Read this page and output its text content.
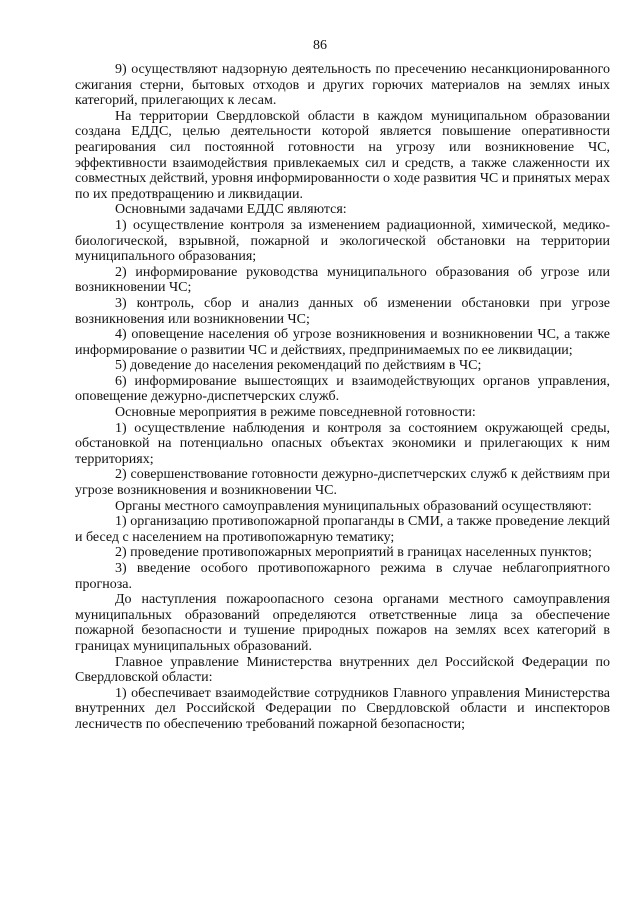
86

9) осуществляют надзорную деятельность по пресечению несанкционированного сжигания стерни, бытовых отходов и других горючих материалов на землях иных категорий, прилегающих к лесам.

На территории Свердловской области в каждом муниципальном образовании создана ЕДДС, целью деятельности которой является повышение оперативности реагирования сил постоянной готовности на угрозу или возникновение ЧС, эффективности взаимодействия привлекаемых сил и средств, а также слаженности их совместных действий, уровня информированности о ходе развития ЧС и принятых мерах по их предотвращению и ликвидации.

Основными задачами ЕДДС являются:

1) осуществление контроля за изменением радиационной, химической, медико-биологической, взрывной, пожарной и экологической обстановки на территории муниципального образования;

2) информирование руководства муниципального образования об угрозе или возникновении ЧС;

3) контроль, сбор и анализ данных об изменении обстановки при угрозе возникновения или возникновении ЧС;

4) оповещение населения об угрозе возникновения и возникновении ЧС, а также информирование о развитии ЧС и действиях, предпринимаемых по ее ликвидации;

5) доведение до населения рекомендаций по действиям в ЧС;

6) информирование вышестоящих и взаимодействующих органов управления, оповещение дежурно-диспетчерских служб.

Основные мероприятия в режиме повседневной готовности:

1) осуществление наблюдения и контроля за состоянием окружающей среды, обстановкой на потенциально опасных объектах экономики и прилегающих к ним территориях;

2) совершенствование готовности дежурно-диспетчерских служб к действиям при угрозе возникновения и возникновении ЧС.

Органы местного самоуправления муниципальных образований осуществляют:

1) организацию противопожарной пропаганды в СМИ, а также проведение лекций и бесед с населением на противопожарную тематику;

2) проведение противопожарных мероприятий в границах населенных пунктов;

3) введение особого противопожарного режима в случае неблагоприятного прогноза.

До наступления пожароопасного сезона органами местного самоуправления муниципальных образований определяются ответственные лица за обеспечение пожарной безопасности и тушение природных пожаров на землях всех категорий в границах муниципальных образований.

Главное управление Министерства внутренних дел Российской Федерации по Свердловской области:

1) обеспечивает взаимодействие сотрудников Главного управления Министерства внутренних дел Российской Федерации по Свердловской области и инспекторов лесничеств по обеспечению требований пожарной безопасности;
